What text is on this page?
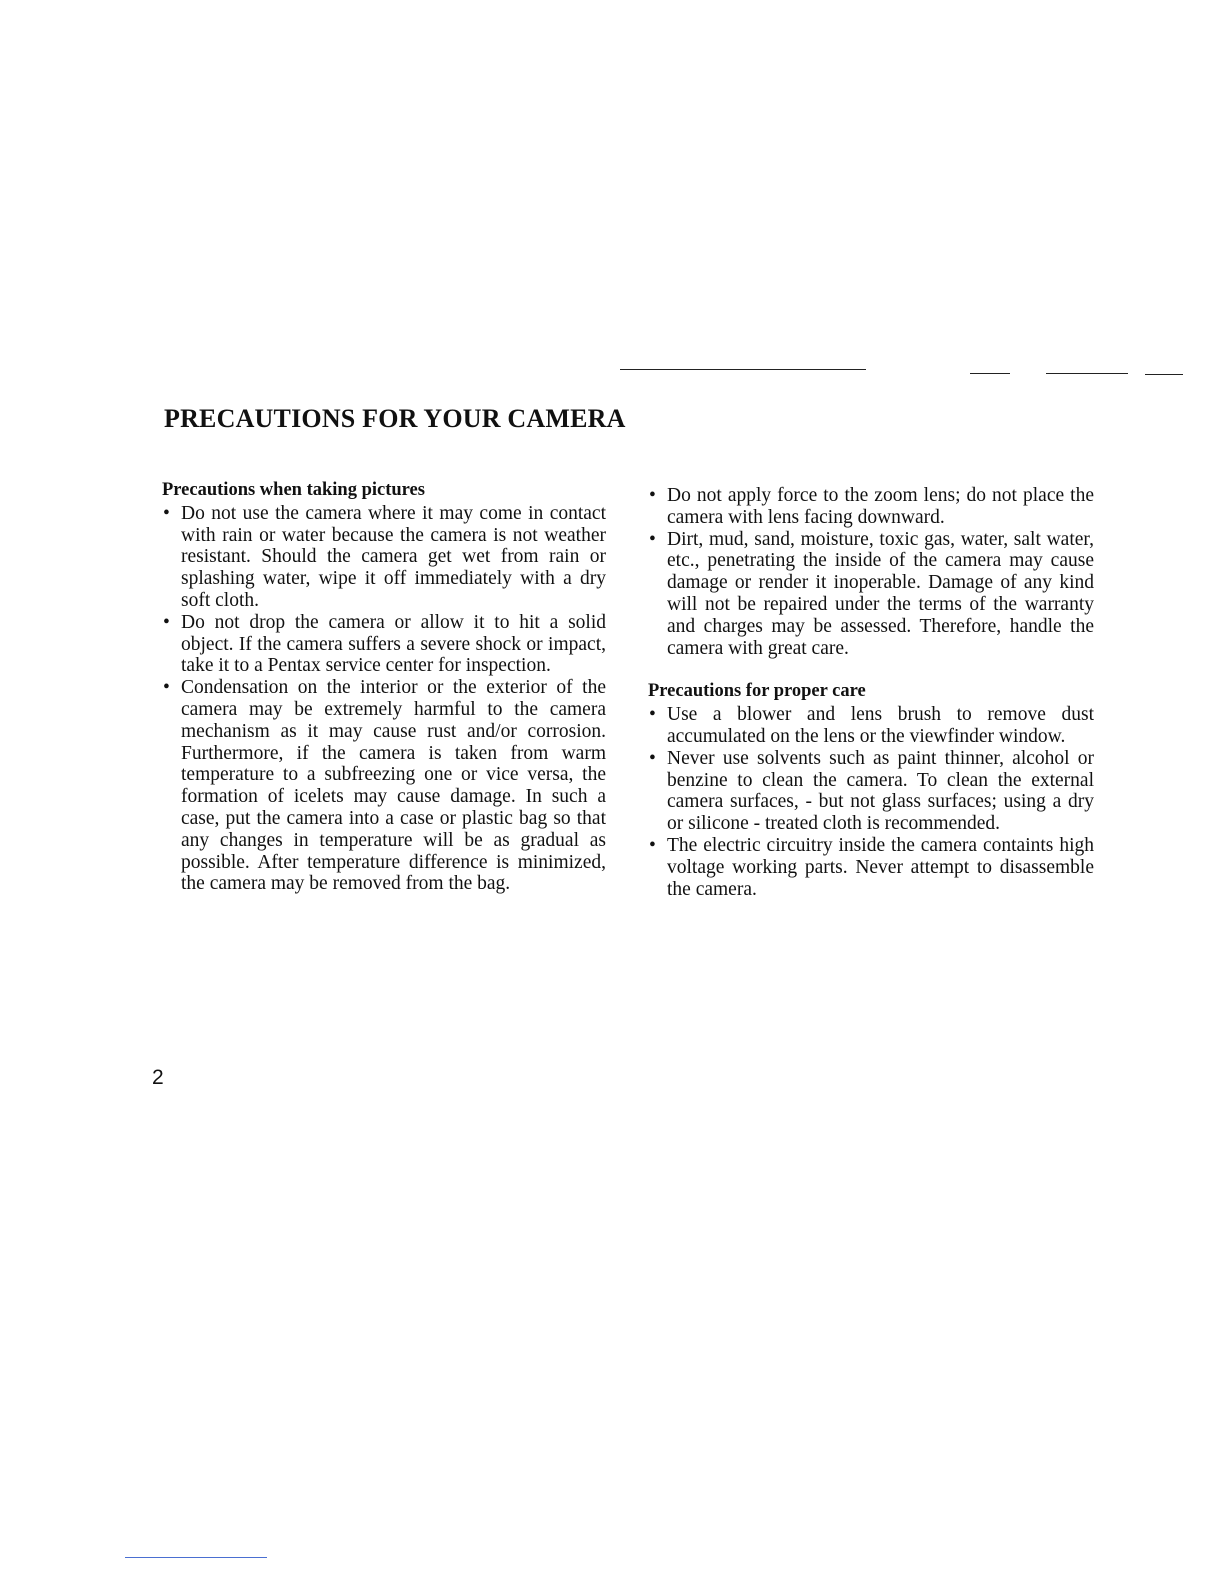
PRECAUTIONS FOR YOUR CAMERA
Precautions when taking pictures
• Do not use the camera where it may come in contact with rain or water because the camera is not weather resistant. Should the camera get wet from rain or splashing water, wipe it off immediately with a dry soft cloth.
• Do not drop the camera or allow it to hit a solid object. If the camera suffers a severe shock or impact, take it to a Pentax service center for inspection.
• Condensation on the interior or the exterior of the camera may be extremely harmful to the camera mechanism as it may cause rust and/or corrosion. Furthermore, if the camera is taken from warm temperature to a subfreezing one or vice versa, the formation of icelets may cause damage. In such a case, put the camera into a case or plastic bag so that any changes in temperature will be as gradual as possible. After temperature difference is minimized, the camera may be removed from the bag.
• Do not apply force to the zoom lens; do not place the camera with lens facing downward.
• Dirt, mud, sand, moisture, toxic gas, water, salt water, etc., penetrating the inside of the camera may cause damage or render it inoperable. Damage of any kind will not be repaired under the terms of the warranty and charges may be assessed. Therefore, handle the camera with great care.
Precautions for proper care
• Use a blower and lens brush to remove dust accumulated on the lens or the viewfinder window.
• Never use solvents such as paint thinner, alcohol or benzine to clean the camera. To clean the external camera surfaces, - but not glass surfaces; using a dry or silicone - treated cloth is recommended.
• The electric circuitry inside the camera containts high voltage working parts. Never attempt to disassemble the camera.
2
